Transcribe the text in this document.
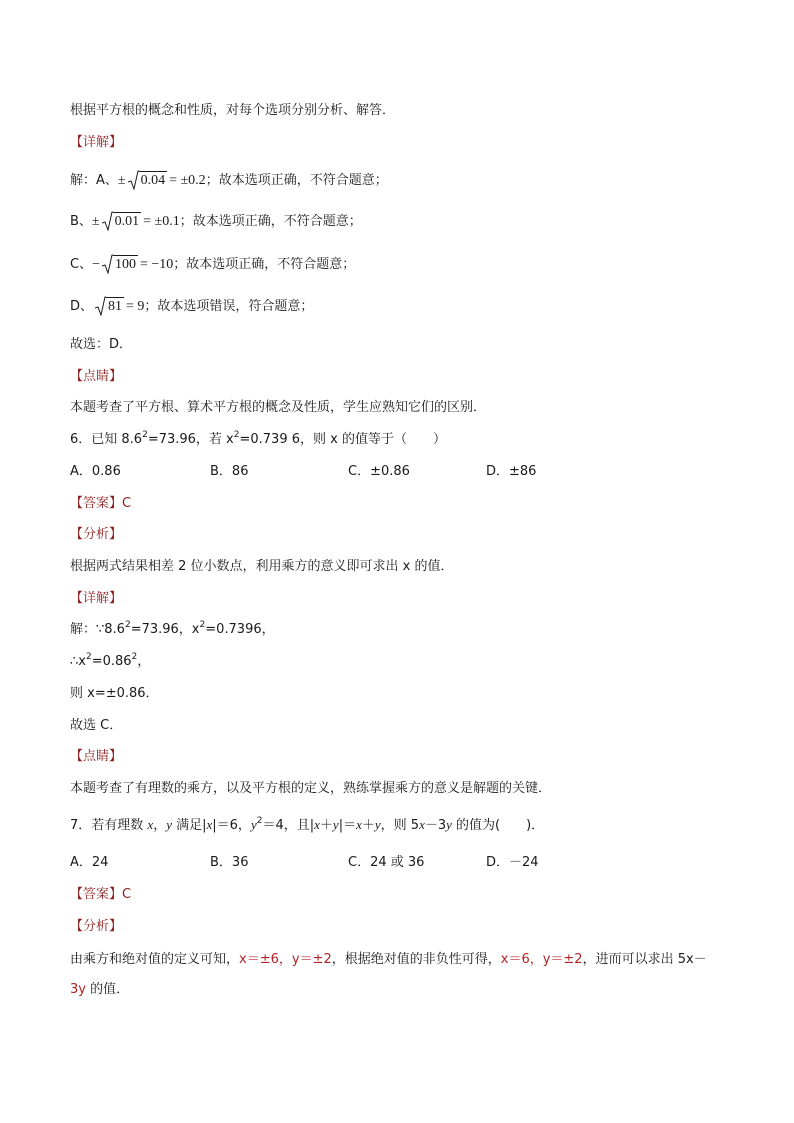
根据平方根的概念和性质，对每个选项分别分析、解答．
【详解】
解：A、± 0.04 = ±0.2；故本选项正确，不符合题意；
B、± 0.01 = ±0.1；故本选项正确，不符合题意；
C、− 100 = −10；故本选项正确，不符合题意；
D、 81 = 9；故本选项错误，符合题意；
故选：D．
【点睛】
本题考查了平方根、算术平方根的概念及性质，学生应熟知它们的区别．
6．已知 $8.6^2=73.96$，若 $x^2=0.739$ 6，则 x 的值等于（　　）
A．0.86	B．86	C．±0.86	D．±86
【答案】C
【分析】
根据两式结果相差 2 位小数点，利用乘方的意义即可求出 x 的值．
【详解】
解：$\because 8.6^2=73.96$，$x^2=0.7396$，
$\therefore x^2=0.86^2$，
则 x=±0.86．
故选 C．
【点睛】
本题考查了有理数的乘方，以及平方根的定义，熟练掌握乘方的意义是解题的关键．
7．若有理数 x，y 满足|x|＝6，$y^2=4$，且|x＋y|＝x＋y，则 5x－3y 的值为(　　)．
A．24	B．36	C．24 或 36	D．－24
【答案】C
【分析】
由乘方和绝对值的定义可知，x＝±6，y＝±2，根据绝对值的非负性可得，x＝6，y＝±2，进而可以求出 5x－
3y 的值．
